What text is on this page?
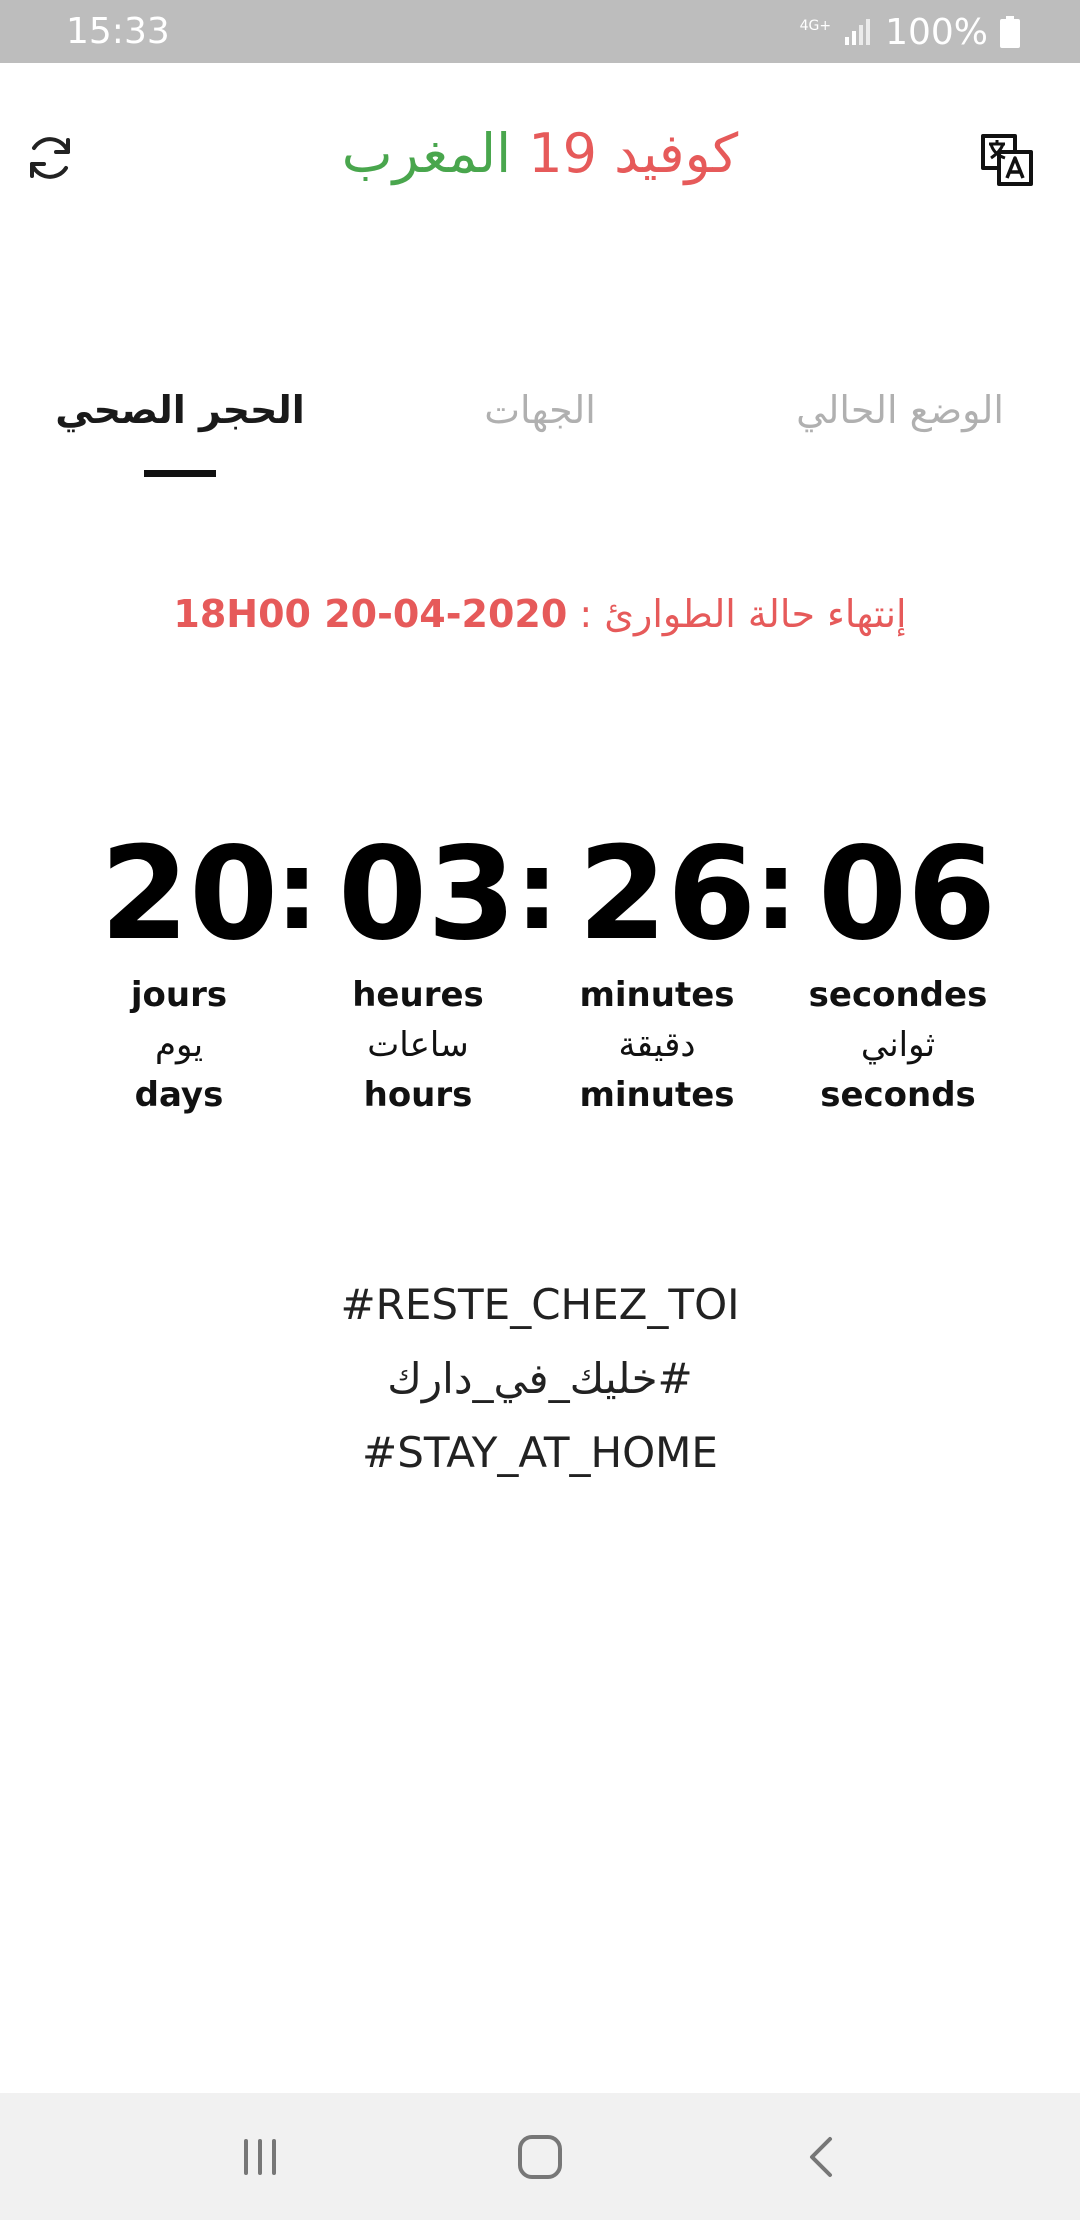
15:33	4G+ 100%
كوفيد 19 المغرب
الحجر الصحي	الجهات	الوضع الحالي
18H00 20-04-2020 إنتهاء حالة الطوارئ :
20
: 03
: 26
: 06
jours
يوم
days
heures
ساعات
hours
minutes
دقيقة
minutes
secondes
ثواني
seconds
#RESTE_CHEZ_TOI
#خليك_في_دارك
#STAY_AT_HOME
